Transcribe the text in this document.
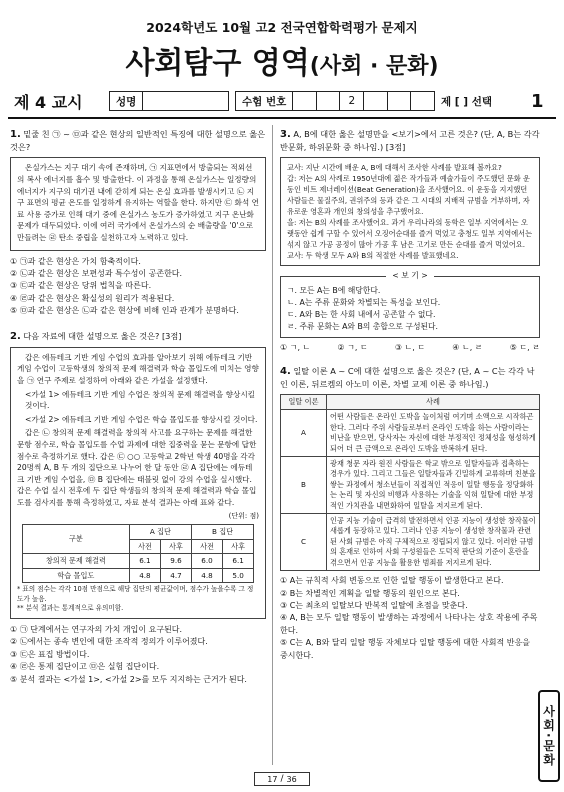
2024학년도 10월 고2 전국연합학력평가 문제지
사회탐구 영역(사회 · 문화)
제 4 교시	성명	수험 번호	2	제 [ ] 선택	1
1. 밑줄 친 ㉠ ~ ㉤과 같은 현상의 일반적인 특징에 대한 설명으로 옳은 것은?

온실가스는 지구 대기 속에 존재하며, ㉠ 지표면에서 방출되는 적외선의 복사 에너지를 흡수 및 방출한다. 이 과정을 통해 온실가스는 일정량의 에너지가 지구의 대기권 내에 갇히게 되는 온실 효과를 발생시키고 ㉡ 지구 표면의 평균 온도를 일정하게 유지하는 역할을 한다. 하지만 ㉢ 화석 연료 사용 증가로 인해 대기 중에 온실가스 농도가 증가하였고 지구 온난화 문제가 대두되었다. 이에 여러 국가에서 온실가스의 순 배출량을 '0'으로 만들려는 ㉣ 탄소 중립을 실천하고자 노력하고 있다.

① ㉠과 같은 현상은 가치 함축적이다.
② ㉡과 같은 현상은 보편성과 특수성이 공존한다.
③ ㉢과 같은 현상은 당위 법칙을 따른다.
④ ㉣과 같은 현상은 확실성의 원리가 적용된다.
⑤ ㉤과 같은 현상은 ㉡과 같은 현상에 비해 인과 관계가 분명하다.
2. 다음 자료에 대한 설명으로 옳은 것은? [3점]

갑은 에듀테크 기반 게임 수업의 효과를 알아보기 위해 에듀테크 기반 게임 수업이 고등학생의 창의적 문제 해결력과 학습 몰입도에 미치는 영향을 ㉠ 연구 주제로 설정하여 아래와 같은 가설을 설정했다.

<가설 1> 에듀테크 기반 게임 수업은 창의적 문제 해결력을 향상시킬 것이다.

<가설 2> 에듀테크 기반 게임 수업은 학습 몰입도를 향상시킬 것이다.

갑은 ㉡ 창의적 문제 해결력을 창의적 사고를 요구하는 문제를 해결한 문항 점수로, 학습 몰입도를 수업 과제에 대한 집중력을 묻는 문항에 답한 점수로 측정하기로 했다. 갑은 ㉢ ○○ 고등학교 2학년 학생 40명을 각각 20명씩 A, B 두 개의 집단으로 나누어 한 달 동안 ㉣ A 집단에는 에듀테크 기반 게임 수업을, ㉤ B 집단에는 태블릿 없이 강의 수업을 실시했다. 갑은 수업 실시 전후에 두 집단 학생들의 창의적 문제 해결력과 학습 몰입도를 검사지를 통해 측정하였고, 자료 분석 결과는 아래 표와 같다.

(단위: 점)
구분	A 집단		B 집단	
	사전	사후	사전	사후
창의적 문제 해결력	6.1	9.6	6.0	6.1
학습 몰입도	4.8	4.7	4.8	5.0
* 표의 점수는 각각 10점 만점으로 해당 집단의 평균값이며, 점수가 높을수록 그 정도가 높음.
** 분석 결과는 통계적으로 유의미함.
① ㉠ 단계에서는 연구자의 가치 개입이 요구된다.
② ㉡에서는 종속 변인에 대한 조작적 정의가 이루어졌다.
③ ㉢은 표집 방법이다.
④ ㉣은 통제 집단이고 ㉤은 실험 집단이다.
⑤ 분석 결과는 <가설 1>, <가설 2>를 모두 지지하는 근거가 된다.
3. A, B에 대한 옳은 설명만을 <보기>에서 고른 것은? (단, A, B는 각각 반문화, 하위문화 중 하나임.) [3점]
교사: 지난 시간에 배운 A, B에 대해서 조사한 사례를 발표해 볼까요?
갑: 저는 A의 사례로 1950년대에 젊은 작가들과 예술가들이 주도했던 문화 운동인 비트 제너레이션(Beat Generation)을 조사했어요. 이 운동을 지지했던 사람들은 물질주의, 권위주의 등과 같은 그 시대의 지배적 규범을 거부하며, 자유로운 영혼과 개인의 창의성을 추구했어요.
을: 저는 B의 사례를 조사했어요. 과거 우리나라의 동학은 일부 지역에서는 오랫동안 쉽게 구할 수 있어서 오징어순대를 즐겨 먹었고 충청도 일부 지역에서는 섞지 않고 가공 공정이 많아 가공 후 남은 고기로 만든 순대를 즐겨 먹었어요.
교사: 두 학생 모두 A와 B의 적절한 사례를 발표했네요.
< 보 기 >
ㄱ. 모든 A는 B에 해당한다.
ㄴ. A는 주류 문화와 차별되는 특성을 보인다.
ㄷ. A와 B는 한 사회 내에서 공존할 수 없다.
ㄹ. 주류 문화는 A와 B의 총합으로 구성된다.
① ㄱ, ㄴ	② ㄱ, ㄷ	③ ㄴ, ㄷ	④ ㄴ, ㄹ	⑤ ㄷ, ㄹ
4. 일탈 이론 A ~ C에 대한 설명으로 옳은 것은? (단, A ~ C는 각각 낙인 이론, 뒤르켐의 아노미 이론, 차별 교제 이론 중 하나임.)
일탈 이론	사례
A	어떤 사람들은 온라인 도박을 놀이처럼 여기며 소액으로 시작하곤 한다. 그러다 주위 사람들로부터 온라인 도박을 하는 사람이라는 비난을 받으면, 당사자는 자신에 대한 부정적인 정체성을 형성하게 되어 더 큰 금액으로 온라인 도박을 반복하게 된다.
B	광재 청문 자라 원진 사람들은 학교 밖으로 일탈자들과 접촉하는 경우가 있다. 그리고 그들은 일탈자들과 긴밀하게 교류하며 친분을 쌓는 과정에서 청소년들이 직접적인 적응이 일탈 행동을 정당화하는 논리 및 자신의 비행과 사용하는 기술을 익혀 일탈에 대한 부정적인 가치관을 내면화하여 일탈을 저지르게 된다.
C	인공 지능 기술이 급격히 발전하면서 인공 지능이 생성한 창작물이 새롭게 등장하고 있다. 그러나 인공 지능이 생성한 창작물과 관련된 사회 규범은 아직 구체적으로 정립되지 않고 있다. 이러한 규범의 혼재로 인하여 사회 구성원들은 도덕적 판단의 기준이 혼란을 겪으면서 인공 지능을 활용한 범죄를 저지르게 된다.
① A는 규칙적 사회 변동으로 인한 일탈 행동이 발생한다고 본다.
② B는 차별적인 계획을 일탈 행동의 원인으로 본다.
③ C는 최초의 일탈보다 반복적 일탈에 초점을 맞춘다.
④ A, B는 모두 일탈 행동이 발생하는 과정에서 나타나는 상호 작용에 주목한다.
⑤ C는 A, B와 달리 일탈 행동 자체보다 일탈 행동에 대한 사회적 반응을 중시한다.
사회·문화
17 / 36
